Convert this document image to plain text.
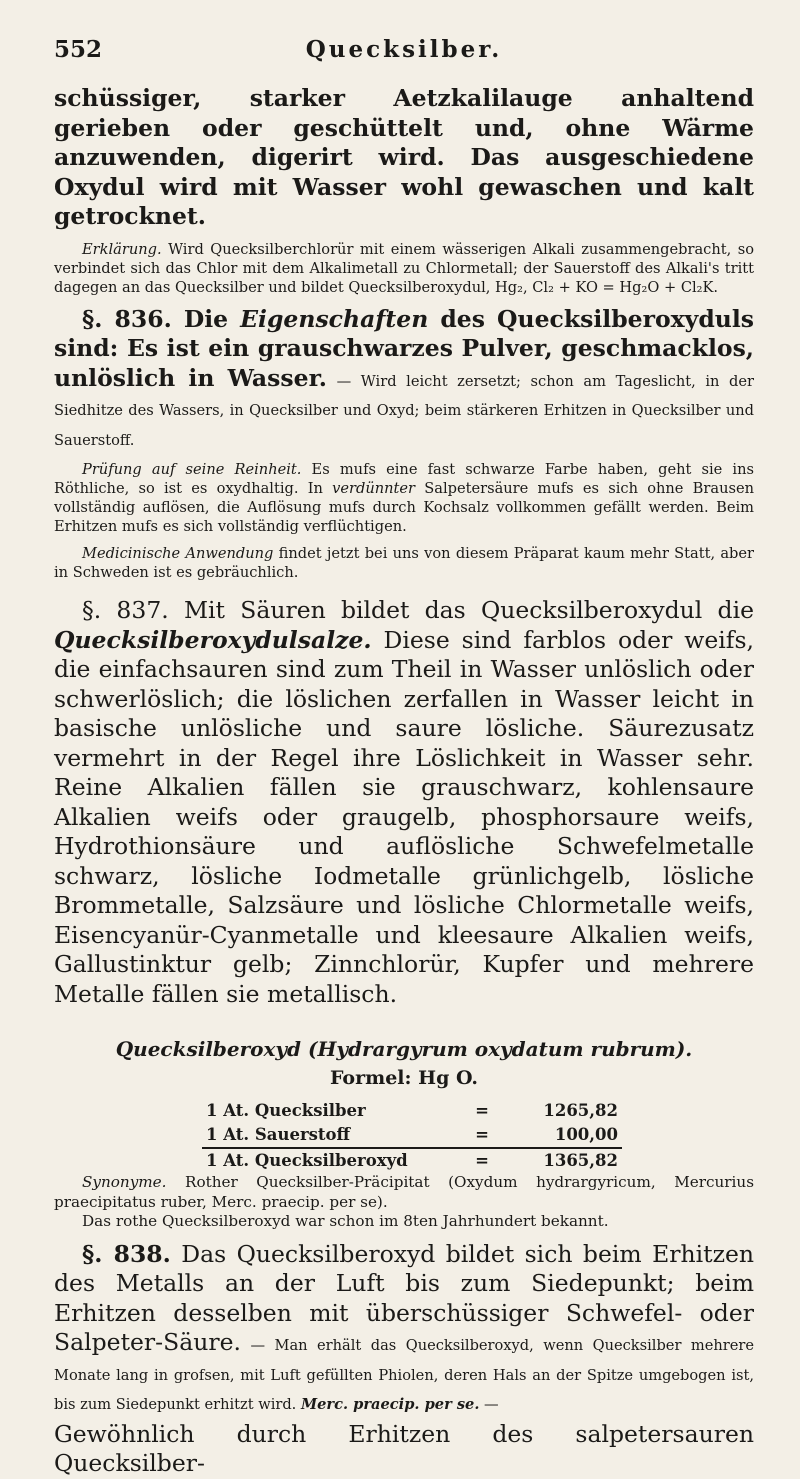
552	Quecksilber.

schüssiger, starker Aetzkalilauge anhaltend gerieben oder geschüttelt und, ohne Wärme anzuwenden, digerirt wird. Das ausgeschiedene Oxydul wird mit Wasser wohl gewaschen und kalt getrocknet.

Erklärung. Wird Quecksilberchlorür mit einem wässerigen Alkali zusammengebracht, so verbindet sich das Chlor mit dem Alkalimetall zu Chlormetall; der Sauerstoff des Alkali's tritt dagegen an das Quecksilber und bildet Quecksilberoxydul, Hg₂, Cl₂ + KO = Hg₂O + Cl₂K.

§. 836. Die Eigenschaften des Quecksilberoxyduls sind: Es ist ein grauschwarzes Pulver, geschmacklos, unlöslich in Wasser. — Wird leicht zersetzt; schon am Tageslicht, in der Siedhitze des Wassers, in Quecksilber und Oxyd; beim stärkeren Erhitzen in Quecksilber und Sauerstoff.

Prüfung auf seine Reinheit. Es mufs eine fast schwarze Farbe haben, geht sie ins Röthliche, so ist es oxydhaltig. In verdünnter Salpetersäure mufs es sich ohne Brausen vollständig auflösen, die Auflösung mufs durch Kochsalz vollkommen gefällt werden. Beim Erhitzen mufs es sich vollständig verflüchtigen.

Medicinische Anwendung findet jetzt bei uns von diesem Präparat kaum mehr Statt, aber in Schweden ist es gebräuchlich.

§. 837. Mit Säuren bildet das Quecksilberoxydul die Quecksilberoxydulsalze. Diese sind farblos oder weifs, die einfachsauren sind zum Theil in Wasser unlöslich oder schwerlöslich; die löslichen zerfallen in Wasser leicht in basische unlösliche und saure lösliche. Säurezusatz vermehrt in der Regel ihre Löslichkeit in Wasser sehr. Reine Alkalien fällen sie grauschwarz, kohlensaure Alkalien weifs oder graugelb, phosphorsaure weifs, Hydrothionsäure und auflösliche Schwefelmetalle schwarz, lösliche Iodmetalle grünlichgelb, lösliche Brommetalle, Salzsäure und lösliche Chlormetalle weifs, Eisencyanür-Cyanmetalle und kleesaure Alkalien weifs, Gallustinktur gelb; Zinnchlorür, Kupfer und mehrere Metalle fällen sie metallisch.

Quecksilberoxyd (Hydrargyrum oxydatum rubrum).
Formel: Hg O.
1 At. Quecksilber	=	1265,82
1 At. Sauerstoff	=	100,00
1 At. Quecksilberoxyd	=	1365,82

Synonyme. Rother Quecksilber-Präcipitat (Oxydum hydrargyricum, Mercurius praecipitatus ruber, Merc. praecip. per se).

Das rothe Quecksilberoxyd war schon im 8ten Jahrhundert bekannt.

§. 838. Das Quecksilberoxyd bildet sich beim Erhitzen des Metalls an der Luft bis zum Siedepunkt; beim Erhitzen desselben mit überschüssiger Schwefel- oder Salpeter-Säure. — Man erhält das Quecksilberoxyd, wenn Quecksilber mehrere Monate lang in grofsen, mit Luft gefüllten Phiolen, deren Hals an der Spitze umgebogen ist, bis zum Siedepunkt erhitzt wird. Merc. praecip. per se. —

Gewöhnlich durch Erhitzen des salpetersauren Quecksilber-
